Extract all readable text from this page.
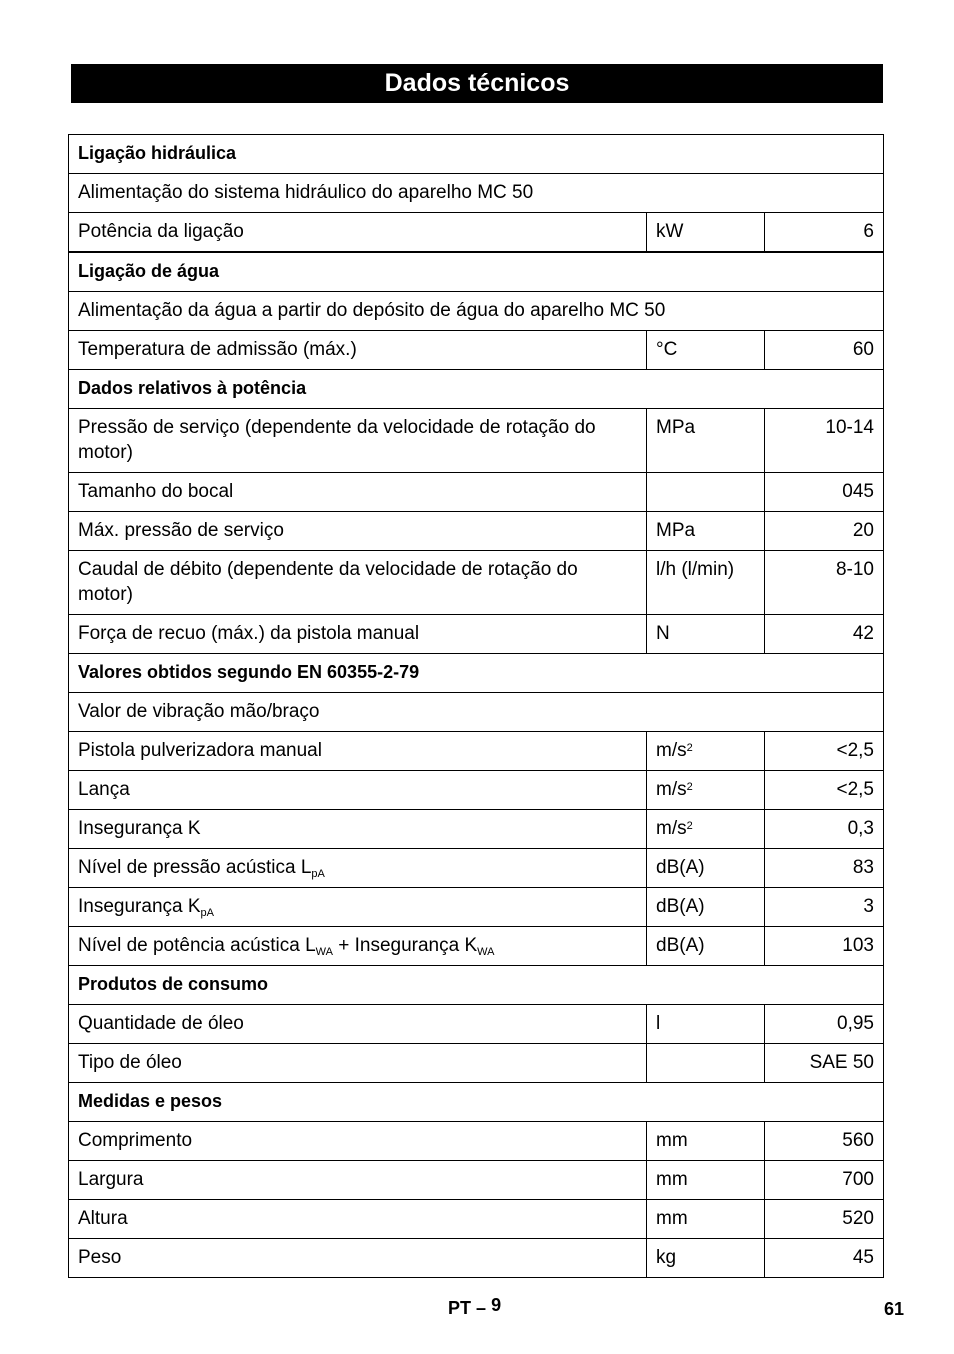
Dados técnicos
Ligação hidráulica		
Alimentação do sistema hidráulico do aparelho MC 50		
Potência da ligação	kW	6
Ligação de água		
Alimentação da água a partir do depósito de água do aparelho MC 50		
Temperatura de admissão (máx.)	°C	60
Dados relativos à potência		
Pressão de serviço (dependente da velocidade de rotação do motor)	MPa	10-14
Tamanho do bocal		045
Máx. pressão de serviço	MPa	20
Caudal de débito (dependente da velocidade de rotação do motor)	l/h (l/min)	8-10
Força de recuo (máx.) da pistola manual	N	42
Valores obtidos segundo EN 60355-2-79		
Valor de vibração mão/braço		
Pistola pulverizadora manual	$m/s^2$	<2,5
Lança	$m/s^2$	<2,5
Insegurança K	$m/s^2$	0,3
Nível de pressão acústica $L_{pA}$	dB(A)	83
Insegurança $K_{pA}$	dB(A)	3
Nível de potência acústica $L_{WA}$ + Insegurança $K_{WA}$	dB(A)	103
Produtos de consumo		
Quantidade de óleo	l	0,95
Tipo de óleo		SAE 50
Medidas e pesos		
Comprimento	mm	560
Largura	mm	700
Altura	mm	520
Peso	kg	45
PT – 9	61
